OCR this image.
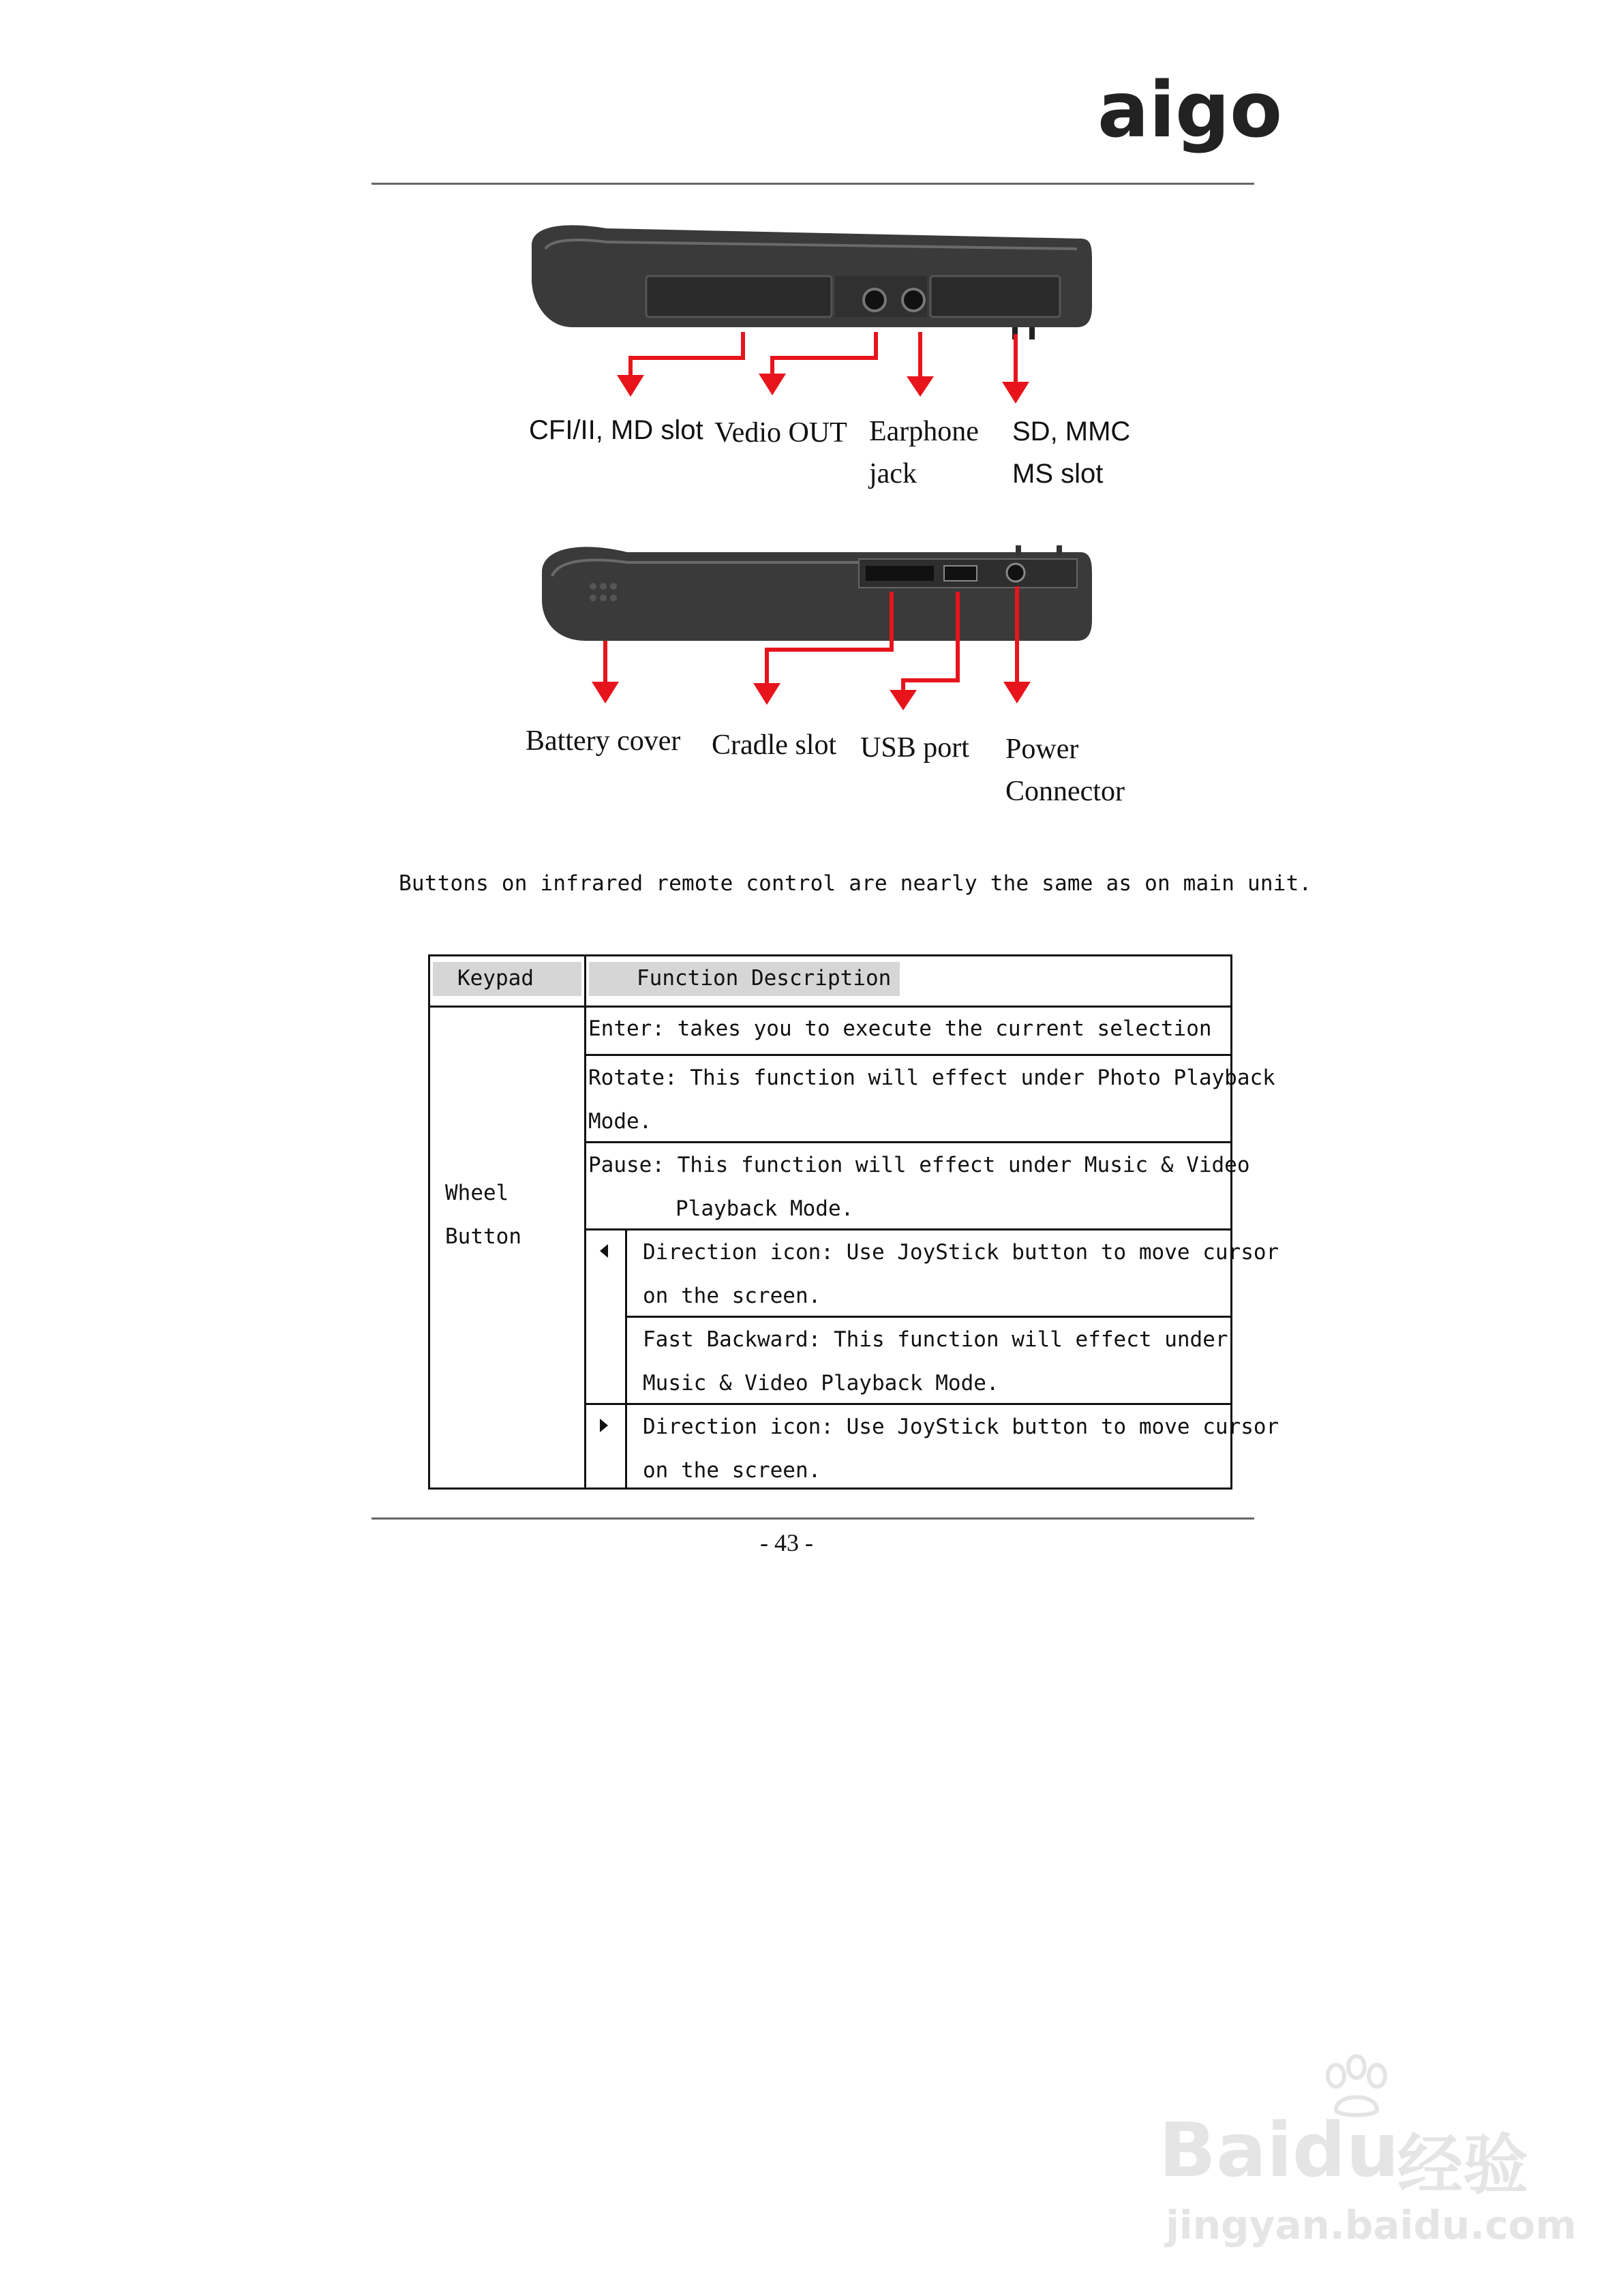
aigo
CFI/II, MD slot Vedio OUT Earphone
jack
SD, MMC
MS slot
Battery cover Cradle slot USB port Power
Connector
Buttons on infrared remote control are nearly the same as on main unit.
Keypad	Function Description
Wheel
Button
Enter: takes you to execute the current selection
Rotate: This function will effect under Photo Playback
Mode.
Pause: This function will effect under Music & Video
Playback Mode.
Direction icon: Use JoyStick button to move cursor
on the screen.
Fast Backward: This function will effect under
Music & Video Playback Mode.
Direction icon: Use JoyStick button to move cursor
on the screen.
- 43 -
Baidu
经验
jingyan.baidu.com
